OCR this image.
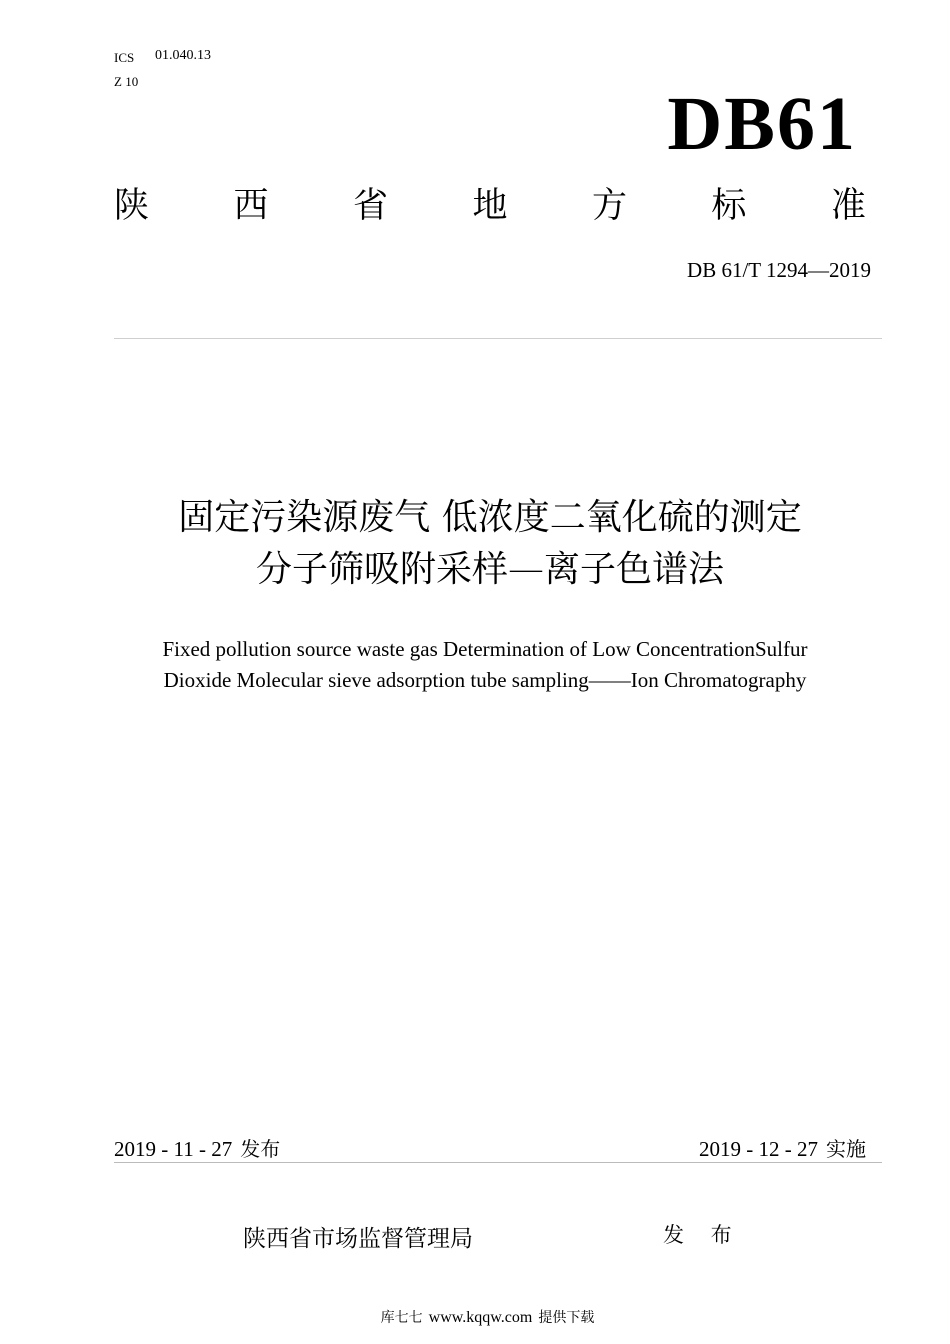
ICS 01.040.13
Z 10
DB61
陕 西 省 地 方 标 准
DB 61/T 1294—2019
固定污染源废气 低浓度二氧化硫的测定
分子筛吸附采样—离子色谱法
Fixed pollution source waste gas Determination of Low ConcentrationSulfur
Dioxide Molecular sieve adsorption tube sampling——Ion Chromatography
2019 - 11 - 27 发布	2019 - 12 - 27 实施
陕西省市场监督管理局	发 布
库七七 www.kqqw.com 提供下载
